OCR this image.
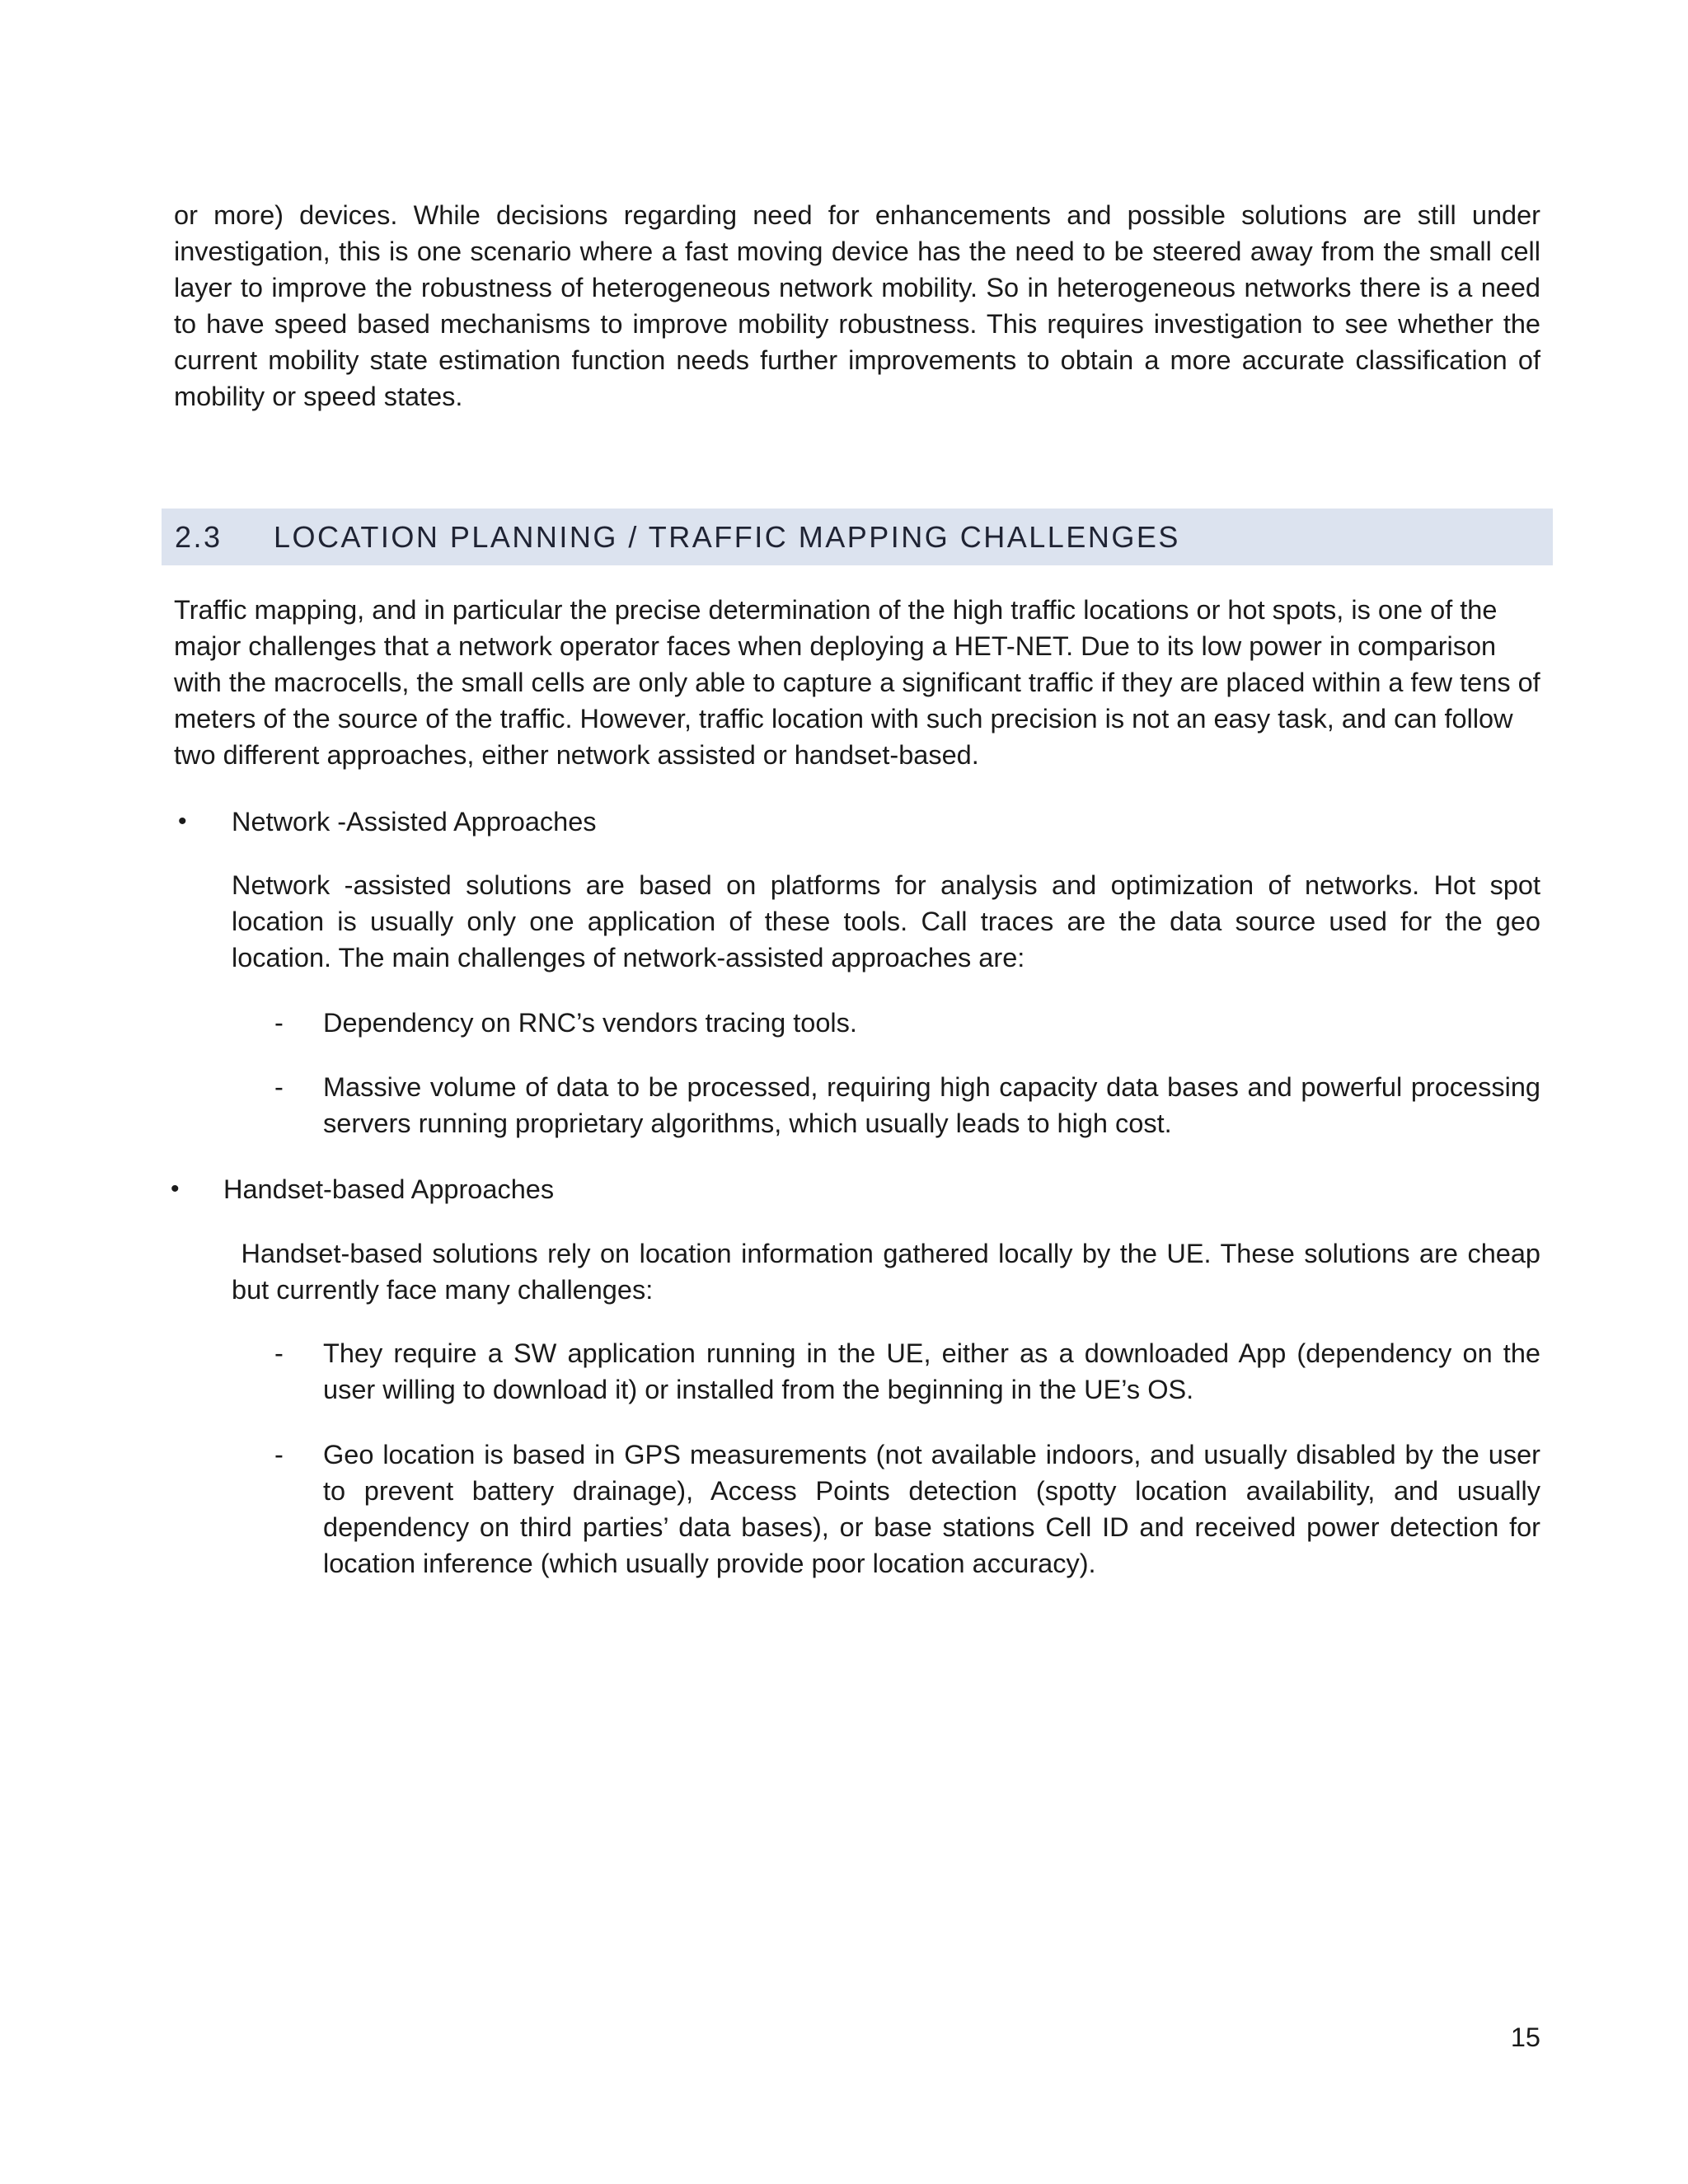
or more) devices. While decisions regarding need for enhancements and possible solutions are still under investigation, this is one scenario where a fast moving device has the need to be steered away from the small cell layer to improve the robustness of heterogeneous network mobility. So in heterogeneous networks there is a need to have speed based mechanisms to improve mobility robustness. This requires investigation to see whether the current mobility state estimation function needs further improvements to obtain a more accurate classification of mobility or speed states.

2.3	LOCATION PLANNING / TRAFFIC MAPPING CHALLENGES

Traffic mapping, and in particular the precise determination of the high traffic locations or hot spots, is one of the major challenges that a network operator faces when deploying a HET-NET. Due to its low power in comparison with the macrocells, the small cells are only able to capture a significant traffic if they are placed within a few tens of meters of the source of the traffic. However, traffic location with such precision is not an easy task, and can follow two different approaches, either network assisted or handset-based.

• Network -Assisted Approaches

Network -assisted solutions are based on platforms for analysis and optimization of networks. Hot spot location is usually only one application of these tools. Call traces are the data source used for the geo location. The main challenges of network-assisted approaches are:

- Dependency on RNC’s vendors tracing tools.

- Massive volume of data to be processed, requiring high capacity data bases and powerful processing servers running proprietary algorithms, which usually leads to high cost.

• Handset-based Approaches

Handset-based solutions rely on location information gathered locally by the UE. These solutions are cheap but currently face many challenges:

- They require a SW application running in the UE, either as a downloaded App (dependency on the user willing to download it) or installed from the beginning in the UE’s OS.

- Geo location is based in GPS measurements (not available indoors, and usually disabled by the user to prevent battery drainage), Access Points detection (spotty location availability, and usually dependency on third parties’ data bases), or base stations Cell ID and received power detection for location inference (which usually provide poor location accuracy).

15
